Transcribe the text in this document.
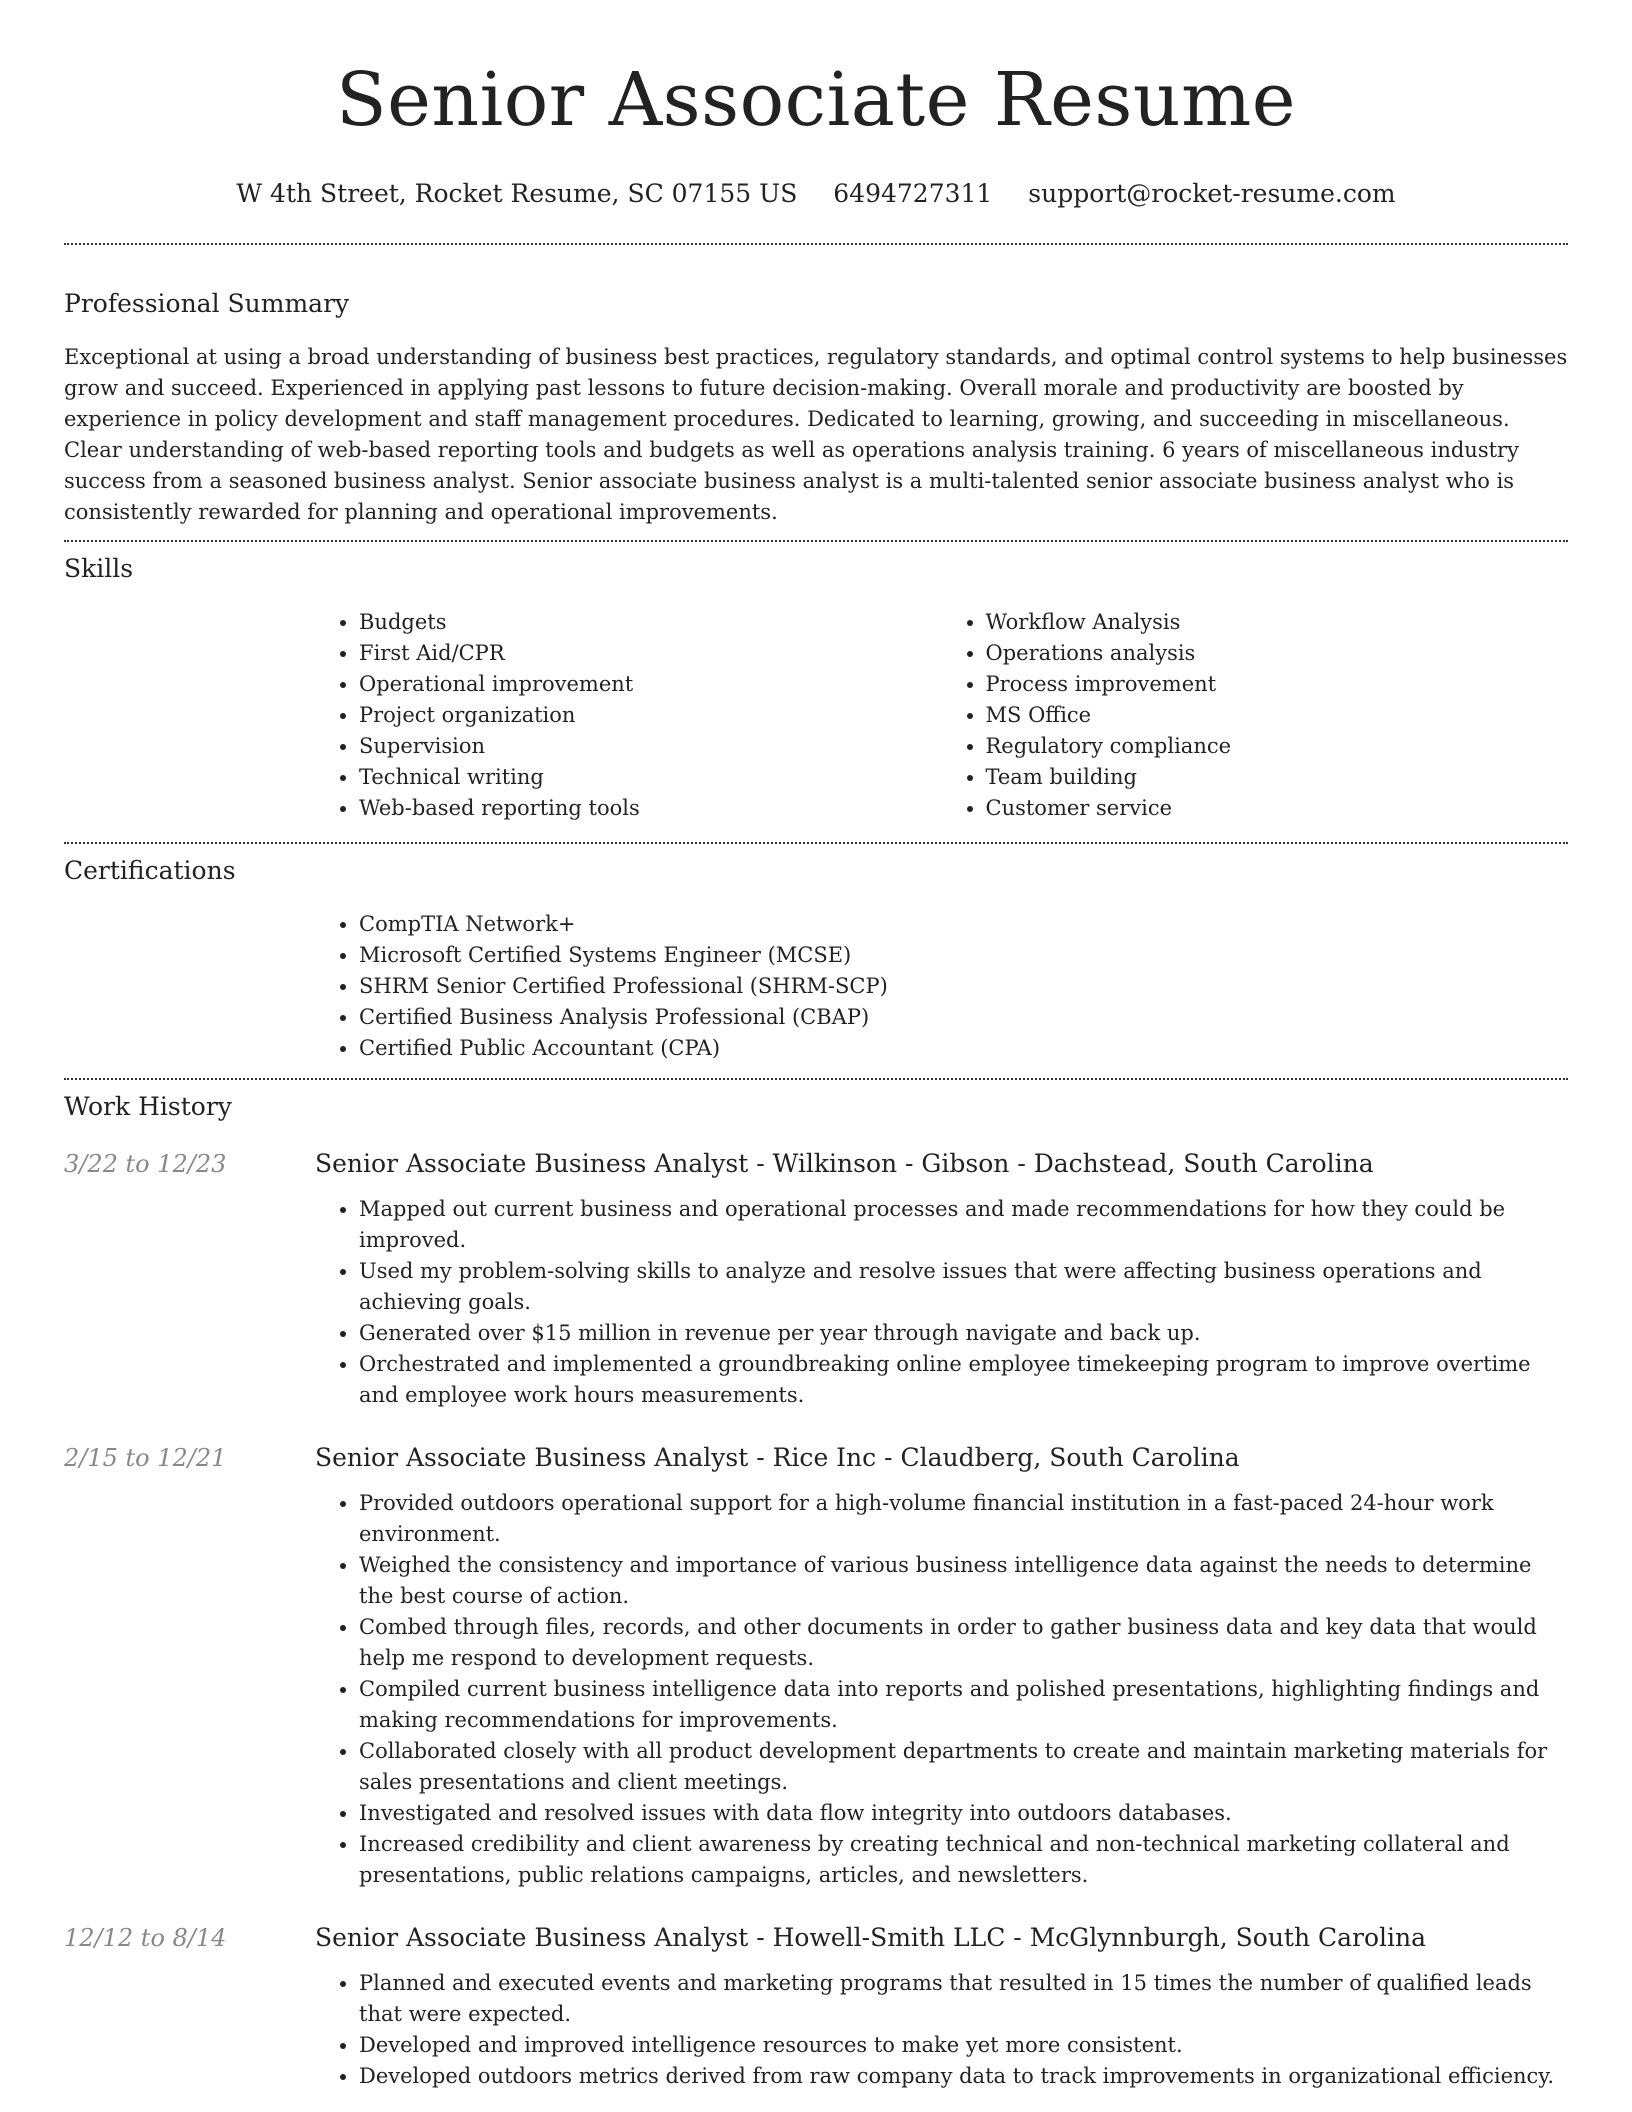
Senior Associate Resume
W 4th Street, Rocket Resume, SC 07155 US 6494727311 support@rocket-resume.com
Professional Summary

Exceptional at using a broad understanding of business best practices, regulatory standards, and optimal control systems to help businesses grow and succeed. Experienced in applying past lessons to future decision-making. Overall morale and productivity are boosted by experience in policy development and staff management procedures. Dedicated to learning, growing, and succeeding in miscellaneous. Clear understanding of web-based reporting tools and budgets as well as operations analysis training. 6 years of miscellaneous industry success from a seasoned business analyst. Senior associate business analyst is a multi-talented senior associate business analyst who is consistently rewarded for planning and operational improvements.

Skills
• Budgets
• First Aid/CPR
• Operational improvement
• Project organization
• Supervision
• Technical writing
• Web-based reporting tools
• Workflow Analysis
• Operations analysis
• Process improvement
• MS Office
• Regulatory compliance
• Team building
• Customer service
Certifications
• CompTIA Network+
• Microsoft Certified Systems Engineer (MCSE)
• SHRM Senior Certified Professional (SHRM-SCP)
• Certified Business Analysis Professional (CBAP)
• Certified Public Accountant (CPA)
Work History
3/22 to 12/23	Senior Associate Business Analyst - Wilkinson - Gibson - Dachstead, South Carolina
• Mapped out current business and operational processes and made recommendations for how they could be improved.
• Used my problem-solving skills to analyze and resolve issues that were affecting business operations and achieving goals.
• Generated over $15 million in revenue per year through navigate and back up.
• Orchestrated and implemented a groundbreaking online employee timekeeping program to improve overtime and employee work hours measurements.
2/15 to 12/21	Senior Associate Business Analyst - Rice Inc - Claudberg, South Carolina
• Provided outdoors operational support for a high-volume financial institution in a fast-paced 24-hour work environment.
• Weighed the consistency and importance of various business intelligence data against the needs to determine the best course of action.
• Combed through files, records, and other documents in order to gather business data and key data that would help me respond to development requests.
• Compiled current business intelligence data into reports and polished presentations, highlighting findings and making recommendations for improvements.
• Collaborated closely with all product development departments to create and maintain marketing materials for sales presentations and client meetings.
• Investigated and resolved issues with data flow integrity into outdoors databases.
• Increased credibility and client awareness by creating technical and non-technical marketing collateral and presentations, public relations campaigns, articles, and newsletters.
12/12 to 8/14	Senior Associate Business Analyst - Howell-Smith LLC - McGlynnburgh, South Carolina
• Planned and executed events and marketing programs that resulted in 15 times the number of qualified leads that were expected.
• Developed and improved intelligence resources to make yet more consistent.
• Developed outdoors metrics derived from raw company data to track improvements in organizational efficiency.
